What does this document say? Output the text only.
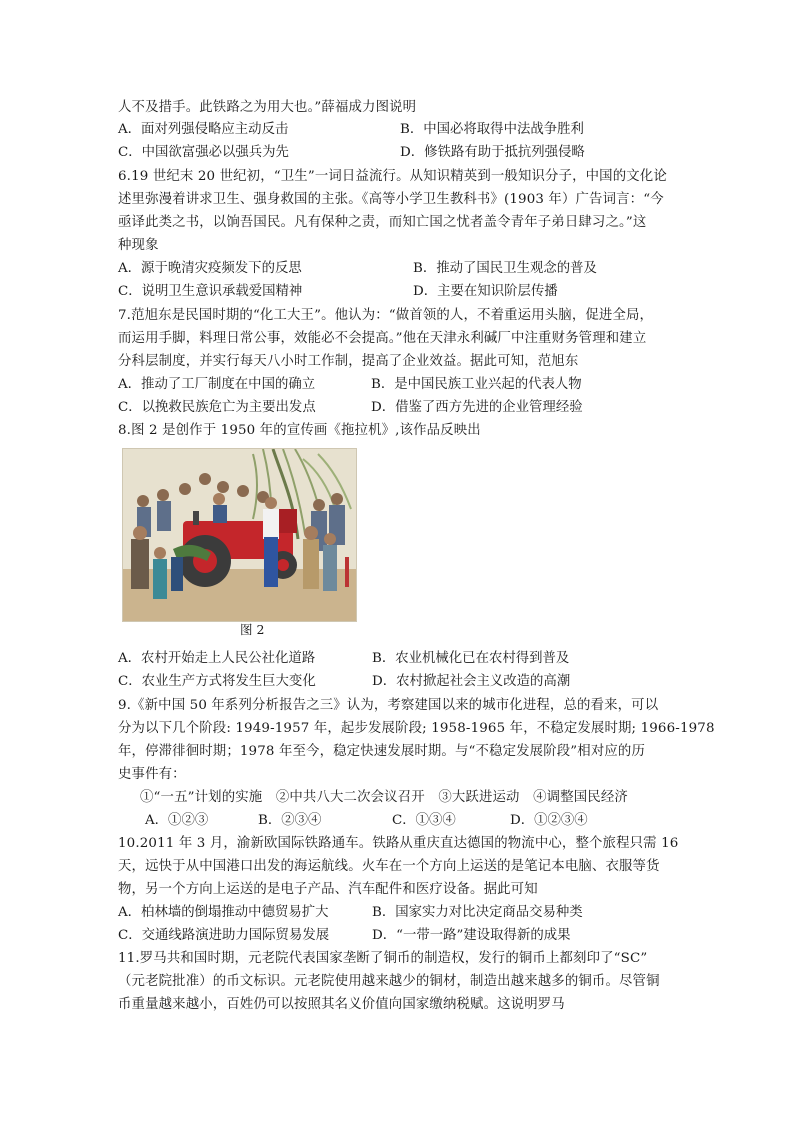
人不及措手。此铁路之为用大也。”薛福成力图说明
A．面对列强侵略应主动反击	B．中国必将取得中法战争胜利
C．中国欲富强必以强兵为先	D．修铁路有助于抵抗列强侵略
6.19 世纪末 20 世纪初，“卫生”一词日益流行。从知识精英到一般知识分子，中国的文化论
述里弥漫着讲求卫生、强身救国的主张。《高等小学卫生教科书》(1903 年）广告词言：“今
亟译此类之书，以饷吾国民。凡有保种之责，而知亡国之忧者盖令青年子弟日肆习之。”这
种现象
A．源于晚清灾疫频发下的反思	B．推动了国民卫生观念的普及
C．说明卫生意识承载爱国精神	D．主要在知识阶层传播
7.范旭东是民国时期的“化工大王”。他认为：“做首领的人，不着重运用头脑，促进全局，
而运用手脚，料理日常公事，效能必不会提高。”他在天津永利碱厂中注重财务管理和建立
分科层制度，并实行每天八小时工作制，提高了企业效益。据此可知，范旭东
A．推动了工厂制度在中国的确立	B．是中国民族工业兴起的代表人物
C．以挽救民族危亡为主要出发点	D．借鉴了西方先进的企业管理经验
8.图 2 是创作于 1950 年的宣传画《拖拉机》,该作品反映出
图 2
A．农村开始走上人民公社化道路	B．农业机械化已在农村得到普及
C．农业生产方式将发生巨大变化	D．农村掀起社会主义改造的高潮
9.《新中国 50 年系列分析报告之三》认为，考察建国以来的城市化进程，总的看来，可以
分为以下几个阶段: 1949-1957 年，起步发展阶段; 1958-1965 年，不稳定发展时期; 1966-1978
年，停滞徘徊时期；1978 年至今，稳定快速发展时期。与“不稳定发展阶段”相对应的历
史事件有：
①“一五”计划的实施　②中共八大二次会议召开　③大跃进运动　④调整国民经济
A．①②③	B．②③④	C．①③④	D．①②③④
10.2011 年 3 月，渝新欧国际铁路通车。铁路从重庆直达德国的物流中心，整个旅程只需 16
天，远快于从中国港口出发的海运航线。火车在一个方向上运送的是笔记本电脑、衣服等货
物，另一个方向上运送的是电子产品、汽车配件和医疗设备。据此可知
A．柏林墙的倒塌推动中德贸易扩大	B．国家实力对比决定商品交易种类
C．交通线路演进助力国际贸易发展	D．“一带一路”建设取得新的成果
11.罗马共和国时期，元老院代表国家垄断了铜币的制造权，发行的铜币上都刻印了“SC”
（元老院批准）的币文标识。元老院使用越来越少的铜材，制造出越来越多的铜币。尽管铜
币重量越来越小，百姓仍可以按照其名义价值向国家缴纳税赋。这说明罗马
